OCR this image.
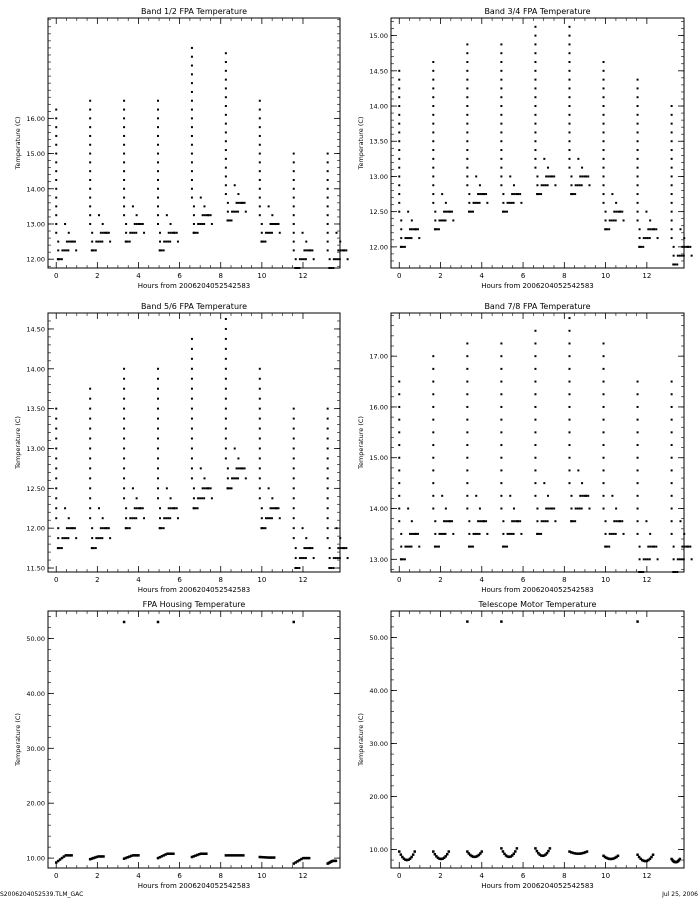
Band 1/2 FPA Temperature
Hours from 2006204052542583
Temperature (C)
0	2	4	6	8	10	12
12.00
13.00
14.00
15.00
16.00
Band 3/4 FPA Temperature
Hours from 2006204052542583
Temperature (C)
0	2	4	6	8	10	12
12.00
12.50
13.00
13.50
14.00
14.50
15.00
Band 5/6 FPA Temperature
Hours from 2006204052542583
Temperature (C)
0	2	4	6	8	10	12
11.50
12.00
12.50
13.00
13.50
14.00
14.50
Band 7/8 FPA Temperature
Hours from 2006204052542583
Temperature (C)
0	2	4	6	8	10	12
13.00
14.00
15.00
16.00
17.00
FPA Housing Temperature
Hours from 2006204052542583
Temperature (C)
0	2	4	6	8	10	12
10.00
20.00
30.00
40.00
50.00
Telescope Motor Temperature
Hours from 2006204052542583
Temperature (C)
0	2	4	6	8	10	12
10.00
20.00
30.00
40.00
50.00
S2006204052539.TLM_GAC	Jul 25, 2006
